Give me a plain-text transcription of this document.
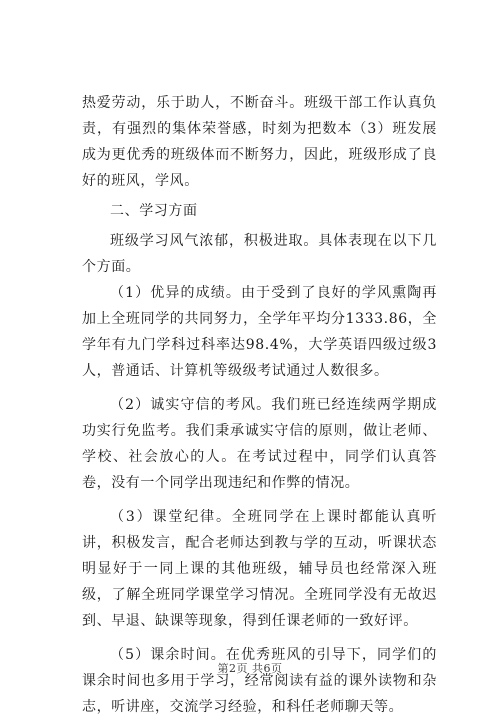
热爱劳动，乐于助人，不断奋斗。班级干部工作认真负责，有强烈的集体荣誉感，时刻为把数本（3）班发展成为更优秀的班级体而不断努力，因此，班级形成了良好的班风，学风。

二、学习方面

班级学习风气浓郁，积极进取。具体表现在以下几个方面。

（1）优异的成绩。由于受到了良好的学风熏陶再加上全班同学的共同努力，全学年平均分1333.86，全学年有九门学科过科率达98.4%，大学英语四级过级3人，普通话、计算机等级级考试通过人数很多。

（2）诚实守信的考风。我们班已经连续两学期成功实行免监考。我们秉承诚实守信的原则，做让老师、学校、社会放心的人。在考试过程中，同学们认真答卷，没有一个同学出现违纪和作弊的情况。

（3）课堂纪律。全班同学在上课时都能认真听讲，积极发言，配合老师达到教与学的互动，听课状态明显好于一同上课的其他班级，辅导员也经常深入班级，了解全班同学课堂学习情况。全班同学没有无故迟到、早退、缺课等现象，得到任课老师的一致好评。

（5）课余时间。在优秀班风的引导下，同学们的课余时间也多用于学习，经常阅读有益的课外读物和杂志，听讲座，交流学习经验，和科任老师聊天等。

第2页 共6页
